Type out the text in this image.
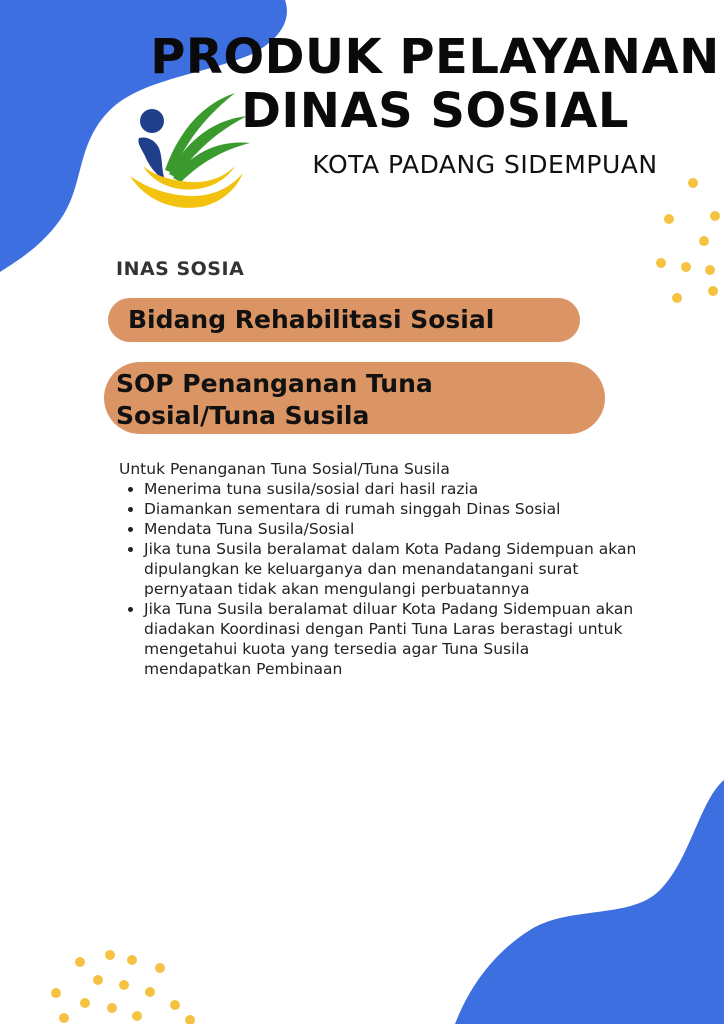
PRODUK PELAYANAN
DINAS SOSIAL

KOTA PADANG SIDEMPUAN

INAS SOSIA
Bidang Rehabilitasi Sosial
SOP Penanganan Tuna
Sosial/Tuna Susila
Untuk Penanganan Tuna Sosial/Tuna Susila
• Menerima tuna susila/sosial dari hasil razia
• Diamankan sementara di rumah singgah Dinas Sosial
• Mendata Tuna Susila/Sosial
• Jika tuna Susila beralamat dalam Kota Padang Sidempuan akan dipulangkan ke keluarganya dan menandatangani surat pernyataan tidak akan mengulangi perbuatannya
• Jika Tuna Susila beralamat diluar Kota Padang Sidempuan akan diadakan Koordinasi dengan Panti Tuna Laras berastagi untuk mengetahui kuota yang tersedia agar Tuna Susila mendapatkan Pembinaan
